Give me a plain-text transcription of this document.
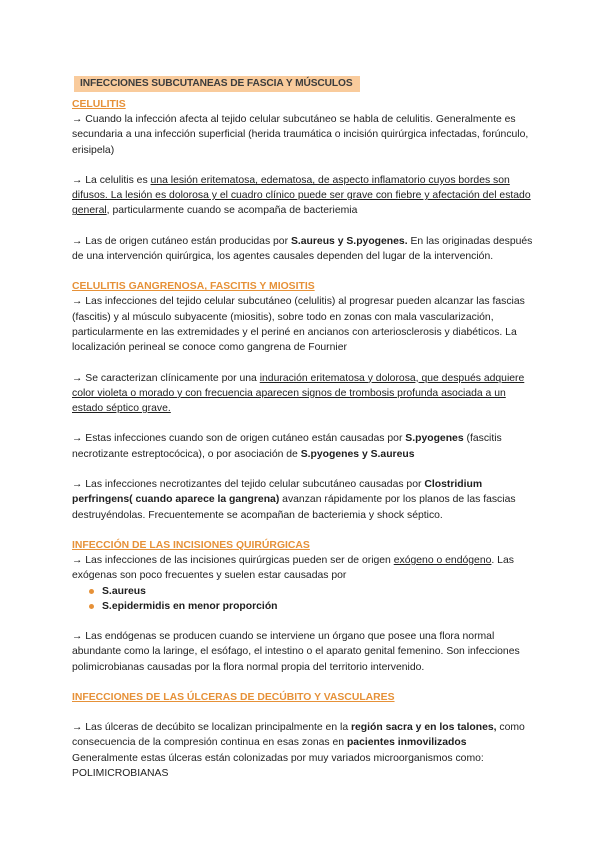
INFECCIONES SUBCUTANEAS DE FASCIA Y MÚSCULOS
CELULITIS

→ Cuando la infección afecta al tejido celular subcutáneo se habla de celulitis. Generalmente es secundaria a una infección superficial (herida traumática o incisión quirúrgica infectadas, forúnculo, erisipela)

→ La celulitis es una lesión eritematosa, edematosa, de aspecto inflamatorio cuyos bordes son difusos. La lesión es dolorosa y el cuadro clínico puede ser grave con fiebre y afectación del estado general, particularmente cuando se acompaña de bacteriemia

→ Las de origen cutáneo están producidas por S.aureus y S.pyogenes. En las originadas después de una intervención quirúrgica, los agentes causales dependen del lugar de la intervención.

CELULITIS GANGRENOSA, FASCITIS Y MIOSITIS

→ Las infecciones del tejido celular subcutáneo (celulitis) al progresar pueden alcanzar las fascias (fascitis) y al músculo subyacente (miositis), sobre todo en zonas con mala vascularización, particularmente en las extremidades y el periné en ancianos con arteriosclerosis y diabéticos. La localización perineal se conoce como gangrena de Fournier

→ Se caracterizan clínicamente por una induración eritematosa y dolorosa, que después adquiere color violeta o morado y con frecuencia aparecen signos de trombosis profunda asociada a un estado séptico grave.

→ Estas infecciones cuando son de origen cutáneo están causadas por S.pyogenes (fascitis necrotizante estreptocócica), o por asociación de S.pyogenes y S.aureus

→ Las infecciones necrotizantes del tejido celular subcutáneo causadas por Clostridium perfringens( cuando aparece la gangrena) avanzan rápidamente por los planos de las fascias destruyéndolas. Frecuentemente se acompañan de bacteriemia y shock séptico.

INFECCIÓN DE LAS INCISIONES QUIRÚRGICAS

→ Las infecciones de las incisiones quirúrgicas pueden ser de origen exógeno o endógeno. Las exógenas son poco frecuentes y suelen estar causadas por

S.aureus
S.epidermidis en menor proporción

→ Las endógenas se producen cuando se interviene un órgano que posee una flora normal abundante como la laringe, el esófago, el intestino o el aparato genital femenino. Son infecciones polimicrobianas causadas por la flora normal propia del territorio intervenido.

INFECCIONES DE LAS ÚLCERAS DE DECÚBITO Y VASCULARES

→ Las úlceras de decúbito se localizan principalmente en la región sacra y en los talones, como consecuencia de la compresión continua en esas zonas en pacientes inmovilizados Generalmente estas úlceras están colonizadas por muy variados microorganismos como: POLIMICROBIANAS
